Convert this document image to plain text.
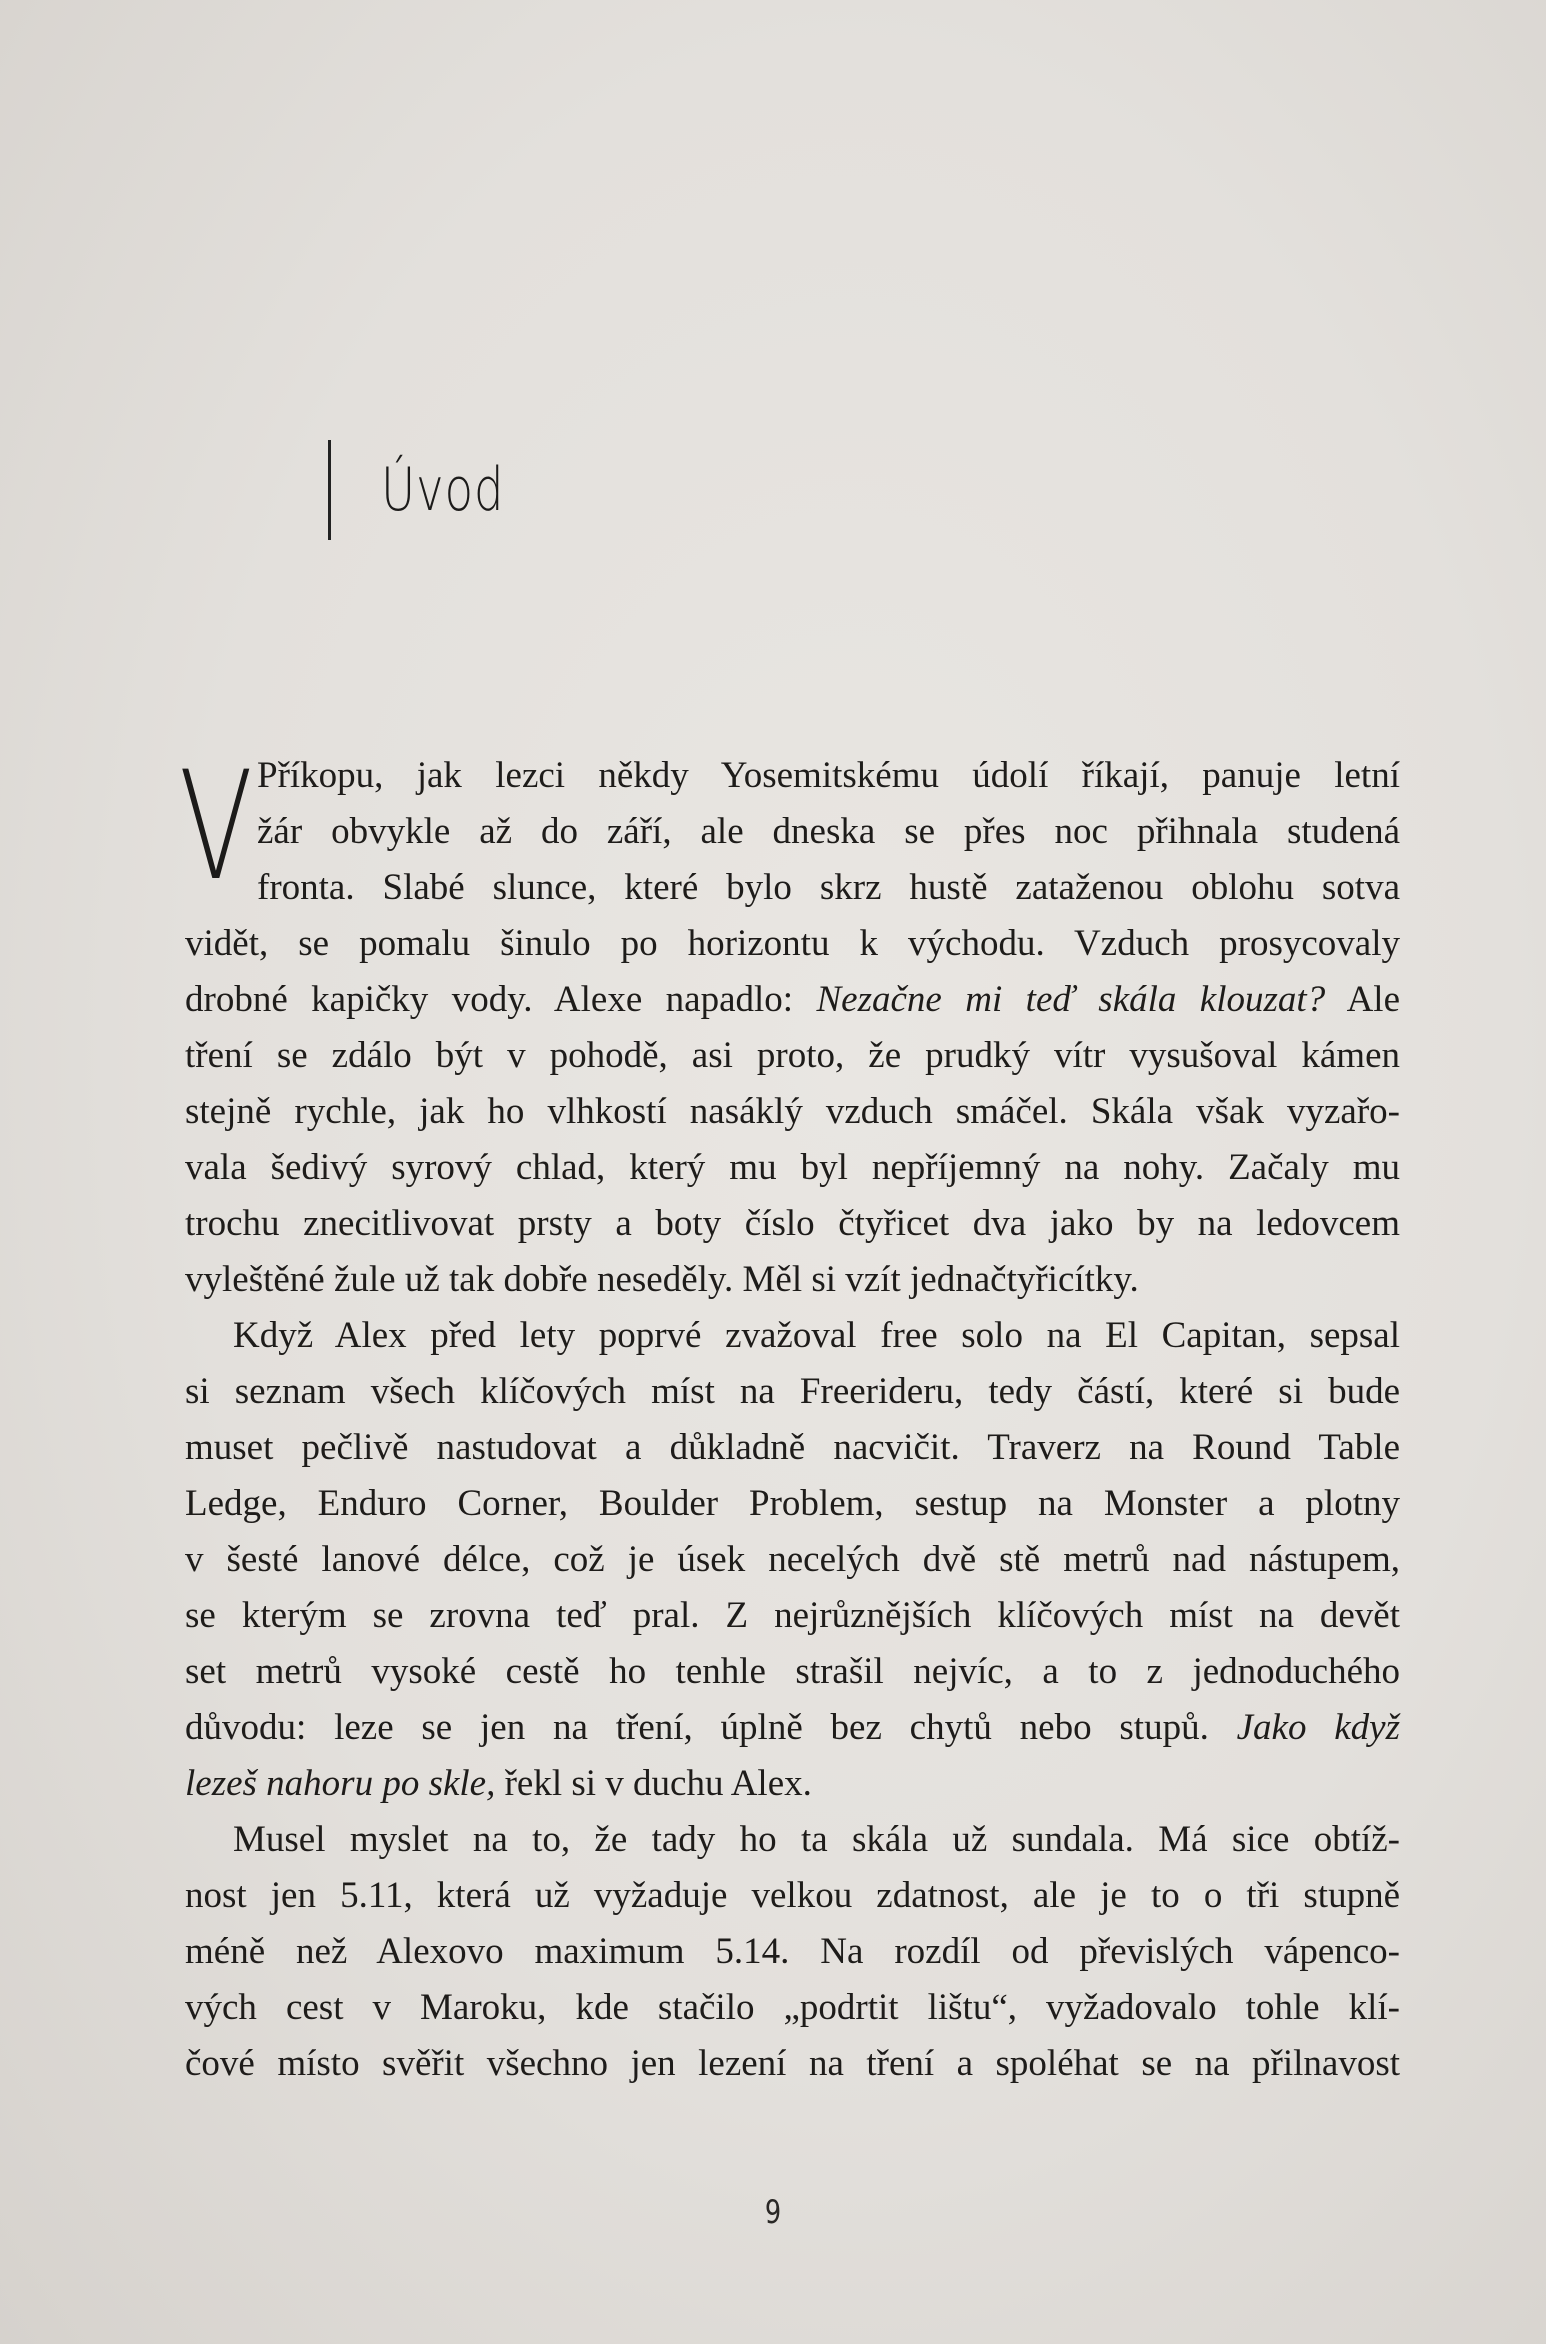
Úvod
V Příkopu, jak lezci někdy Yosemitskému údolí říkají, panuje letní
žár obvykle až do září, ale dneska se přes noc přihnala studená
fronta. Slabé slunce, které bylo skrz hustě zataženou oblohu sotva
vidět, se pomalu šinulo po horizontu k východu. Vzduch prosycovaly
drobné kapičky vody. Alexe napadlo: Nezačne mi teď skála klouzat? Ale
tření se zdálo být v pohodě, asi proto, že prudký vítr vysušoval kámen
stejně rychle, jak ho vlhkostí nasáklý vzduch smáčel. Skála však vyzařo-
vala šedivý syrový chlad, který mu byl nepříjemný na nohy. Začaly mu
trochu znecitlivovat prsty a boty číslo čtyřicet dva jako by na ledovcem
vyleštěné žule už tak dobře neseděly. Měl si vzít jednačtyřicítky.
Když Alex před lety poprvé zvažoval free solo na El Capitan, sepsal
si seznam všech klíčových míst na Freerideru, tedy částí, které si bude
muset pečlivě nastudovat a důkladně nacvičit. Traverz na Round Table
Ledge, Enduro Corner, Boulder Problem, sestup na Monster a plotny
v šesté lanové délce, což je úsek necelých dvě stě metrů nad nástupem,
se kterým se zrovna teď pral. Z nejrůznějších klíčových míst na devět
set metrů vysoké cestě ho tenhle strašil nejvíc, a to z jednoduchého
důvodu: leze se jen na tření, úplně bez chytů nebo stupů. Jako když
lezeš nahoru po skle, řekl si v duchu Alex.
Musel myslet na to, že tady ho ta skála už sundala. Má sice obtíž-
nost jen 5.11, která už vyžaduje velkou zdatnost, ale je to o tři stupně
méně než Alexovo maximum 5.14. Na rozdíl od převislých vápenco-
vých cest v Maroku, kde stačilo „podrtit lištu“, vyžadovalo tohle klí-
čové místo svěřit všechno jen lezení na tření a spoléhat se na přilnavost
9
